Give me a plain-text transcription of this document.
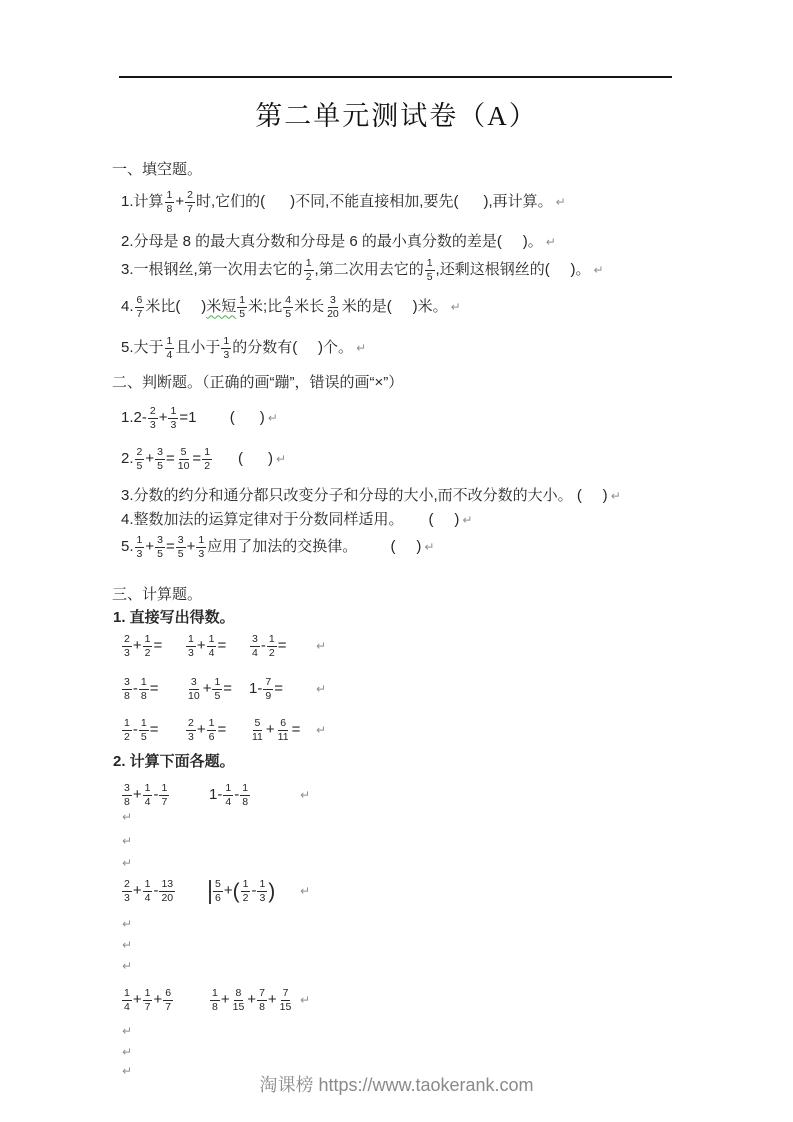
第二单元测试卷（A）
一、填空题。
1.计算 $\frac{1}{8} + \frac{2}{7}$ 时,它们的(      )不同,不能直接相加,要先(      ),再计算。 ↵
2.分母是 8 的最大真分数和分母是 6 的最小真分数的差是(     )。 ↵
3.一根钢丝,第一次用去它的 $\frac{1}{2}$ ,第二次用去它的 $\frac{1}{5}$ ,还剩这根钢丝的(     )。 ↵
4. $\frac{6}{7}$ 米比(     ) 米短 $\frac{1}{5}$ 米;比 $\frac{4}{5}$ 米长 $\frac{3}{20}$ 米的是(     )米。 ↵
5.大于 $\frac{1}{4}$ 且小于 $\frac{1}{3}$ 的分数有(     )个。 ↵
二、判断题。（正确的画“蹦”，错误的画“×”）
$1.2- \frac{2}{3} + \frac{1}{3} =1$        (      ) ↵
2. $\frac{2}{5} + \frac{3}{5} = \frac{5}{10} = \frac{1}{2}$ (      ) ↵
3.分数的约分和通分都只改变分子和分母的大小,而不改分数的大小。 (     ) ↵
4.整数加法的运算定律对于分数同样适用。      (     ) ↵
5. $\frac{1}{3} + \frac{3}{5} = \frac{3}{5} + \frac{1}{3}$ 应用了加法的交换律。        (     ) ↵
三、计算题。
1. 直接写出得数。
$\frac{2}{3} + \frac{1}{2} = \frac{1}{3} + \frac{1}{4} = \frac{3}{4} - \frac{1}{2}$ = ↵
$\frac{3}{8} - \frac{1}{8}$ =	$\frac{3}{10} + \frac{1}{5} = 1- \frac{7}{9}$ =	↵
$\frac{1}{2} - \frac{1}{5}$ =	$\frac{2}{3} + \frac{1}{6} = \frac{5}{11} + \frac{6}{11}$ = ↵
2. 计算下面各题。
$\frac{3}{8} + \frac{1}{4} - \frac{1}{7}$	$1- \frac{1}{4} - \frac{1}{8}$	↵
↵
↵
↵
$\frac{2}{3} + \frac{1}{4} - \frac{13}{20}$	$\frac{5}{6}$ + ( $\frac{1}{2} - \frac{1}{3}$ ) ↵
↵
↵
↵
$\frac{1}{4} + \frac{1}{7} + \frac{6}{7}$	$\frac{1}{8} + \frac{8}{15} + \frac{7}{8} + \frac{7}{15}$ ↵
↵
↵
↵
淘课榜 https://www.taokerank.com
